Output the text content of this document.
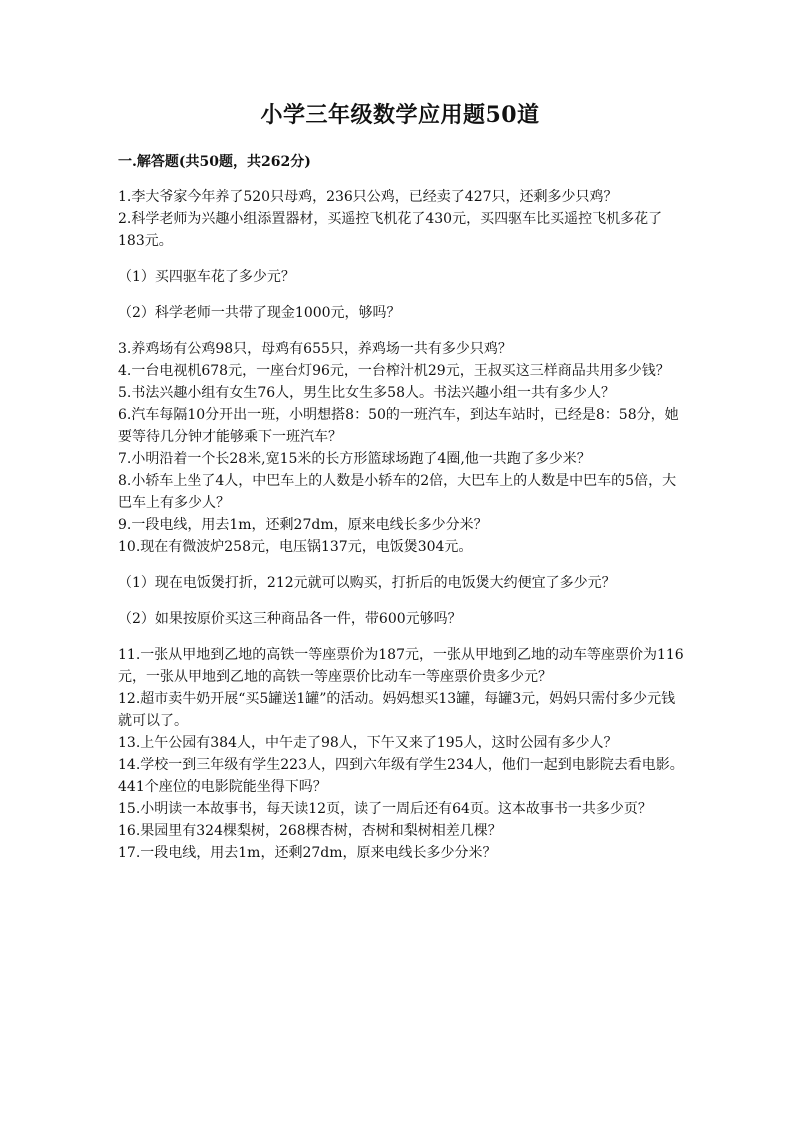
小学三年级数学应用题50道
一.解答题(共50题，共262分)

1.李大爷家今年养了520只母鸡，236只公鸡，已经卖了427只，还剩多少只鸡？

2.科学老师为兴趣小组添置器材，买遥控飞机花了430元，买四驱车比买遥控飞机多花了183元。

（1）买四驱车花了多少元？

（2）科学老师一共带了现金1000元，够吗？

3.养鸡场有公鸡98只，母鸡有655只，养鸡场一共有多少只鸡？

4.一台电视机678元，一座台灯96元，一台榨汁机29元，王叔买这三样商品共用多少钱？

5.书法兴趣小组有女生76人，男生比女生多58人。书法兴趣小组一共有多少人？

6.汽车每隔10分开出一班，小明想搭8：50的一班汽车，到达车站时，已经是8：58分，她要等待几分钟才能够乘下一班汽车？

7.小明沿着一个长28米,宽15米的长方形篮球场跑了4圈,他一共跑了多少米？

8.小轿车上坐了4人，中巴车上的人数是小轿车的2倍，大巴车上的人数是中巴车的5倍，大巴车上有多少人？

9.一段电线，用去1m，还剩27dm，原来电线长多少分米？

10.现在有微波炉258元，电压锅137元，电饭煲304元。

（1）现在电饭煲打折，212元就可以购买，打折后的电饭煲大约便宜了多少元？

（2）如果按原价买这三种商品各一件，带600元够吗？

11.一张从甲地到乙地的高铁一等座票价为187元，一张从甲地到乙地的动车等座票价为116元，一张从甲地到乙地的高铁一等座票价比动车一等座票价贵多少元？

12.超市卖牛奶开展“买5罐送1罐”的活动。妈妈想买13罐，每罐3元，妈妈只需付多少元钱就可以了。

13.上午公园有384人，中午走了98人，下午又来了195人，这时公园有多少人？

14.学校一到三年级有学生223人，四到六年级有学生234人，他们一起到电影院去看电影。441个座位的电影院能坐得下吗？

15.小明读一本故事书，每天读12页，读了一周后还有64页。这本故事书一共多少页？

16.果园里有324棵梨树，268棵杏树，杏树和梨树相差几棵？

17.一段电线，用去1m，还剩27dm，原来电线长多少分米？
